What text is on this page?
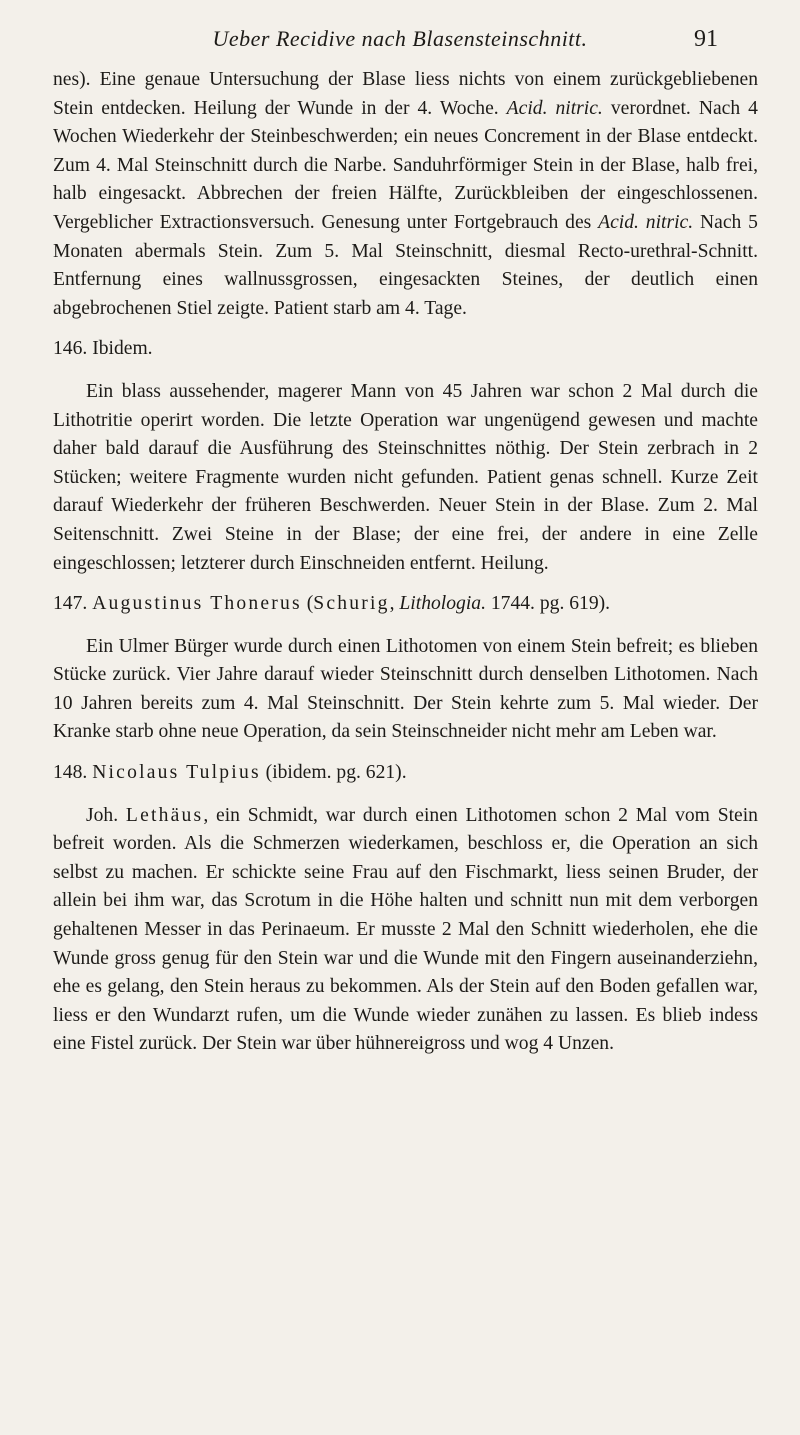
Ueber Recidive nach Blasensteinschnitt.	91

nes). Eine genaue Untersuchung der Blase liess nichts von einem zurückgebliebenen Stein entdecken. Heilung der Wunde in der 4. Woche. Acid. nitric. verordnet. Nach 4 Wochen Wiederkehr der Steinbeschwerden; ein neues Concrement in der Blase entdeckt. Zum 4. Mal Steinschnitt durch die Narbe. Sanduhrförmiger Stein in der Blase, halb frei, halb eingesackt. Abbrechen der freien Hälfte, Zurückbleiben der eingeschlossenen. Vergeblicher Extractionsversuch. Genesung unter Fortgebrauch des Acid. nitric. Nach 5 Monaten abermals Stein. Zum 5. Mal Steinschnitt, diesmal Recto-urethral-Schnitt. Entfernung eines wallnussgrossen, eingesackten Steines, der deutlich einen abgebrochenen Stiel zeigte. Patient starb am 4. Tage.

146. Ibidem.

Ein blass aussehender, magerer Mann von 45 Jahren war schon 2 Mal durch die Lithotritie operirt worden. Die letzte Operation war ungenügend gewesen und machte daher bald darauf die Ausführung des Steinschnittes nöthig. Der Stein zerbrach in 2 Stücken; weitere Fragmente wurden nicht gefunden. Patient genas schnell. Kurze Zeit darauf Wiederkehr der früheren Beschwerden. Neuer Stein in der Blase. Zum 2. Mal Seitenschnitt. Zwei Steine in der Blase; der eine frei, der andere in eine Zelle eingeschlossen; letzterer durch Einschneiden entfernt. Heilung.

147. Augustinus Thonerus (Schurig, Lithologia. 1744. pg. 619).

Ein Ulmer Bürger wurde durch einen Lithotomen von einem Stein befreit; es blieben Stücke zurück. Vier Jahre darauf wieder Steinschnitt durch denselben Lithotomen. Nach 10 Jahren bereits zum 4. Mal Steinschnitt. Der Stein kehrte zum 5. Mal wieder. Der Kranke starb ohne neue Operation, da sein Steinschneider nicht mehr am Leben war.

148. Nicolaus Tulpius (ibidem. pg. 621).

Joh. Lethäus, ein Schmidt, war durch einen Lithotomen schon 2 Mal vom Stein befreit worden. Als die Schmerzen wiederkamen, beschloss er, die Operation an sich selbst zu machen. Er schickte seine Frau auf den Fischmarkt, liess seinen Bruder, der allein bei ihm war, das Scrotum in die Höhe halten und schnitt nun mit dem verborgen gehaltenen Messer in das Perinaeum. Er musste 2 Mal den Schnitt wiederholen, ehe die Wunde gross genug für den Stein war und die Wunde mit den Fingern auseinanderziehn, ehe es gelang, den Stein heraus zu bekommen. Als der Stein auf den Boden gefallen war, liess er den Wundarzt rufen, um die Wunde wieder zunähen zu lassen. Es blieb indess eine Fistel zurück. Der Stein war über hühnereigross und wog 4 Unzen.
